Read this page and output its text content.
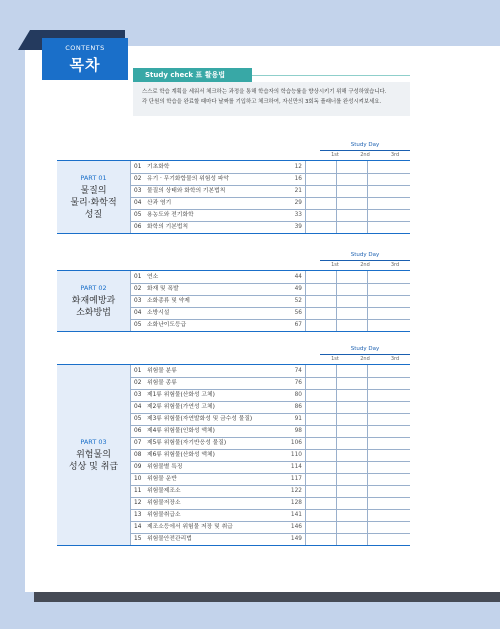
CONTENTS
목차
Study check 표 활용법
스스로 학습 계획을 세워서 체크하는 과정을 통해 학습자의 학습능률을 향상시키기 위해 구성하였습니다.
각 단원의 학습을 완료할 때마다 날짜를 기입하고 체크하여, 자신만의 3회독 플래너를 완성시켜보세요.
Study Day
1st	2nd	3rd
PART 01
물질의
물리·화학적
성질
01 기초화학	12
02 유기 · 무기화합물의 위험성 파악	16
03 물질의 상태와 화학의 기본법칙	21
04 산과 염기	29
05 용농도와 전기화학	33
06 화학의 기본법칙	39
Study Day
1st	2nd	3rd
PART 02
화재예방과
소화방법
01 연소	44
02 화재 및 폭발	49
03 소화종류 및 약제	52
04 소방시설	56
05 소화난이도등급	67
Study Day
1st	2nd	3rd
PART 03
위험물의
성상 및 취급
01 위험물 분류	74
02 위험물 종류	76
03 제1류 위험물(산화성 고체)	80
04 제2류 위험물(가연성 고체)	86
05 제3류 위험물(자연발화성 및 금수성 물질)	91
06 제4류 위험물(인화성 액체)	98
07 제5류 위험물(자기반응성 물질)	106
08 제6류 위험물(산화성 액체)	110
09 위험물별 특징	114
10 위험물 운반	117
11 위험물제조소	122
12 위험물저장소	128
13 위험물취급소	141
14 제조소등에서 위험물 저장 및 취급	146
15 위험물안전관리법	149
